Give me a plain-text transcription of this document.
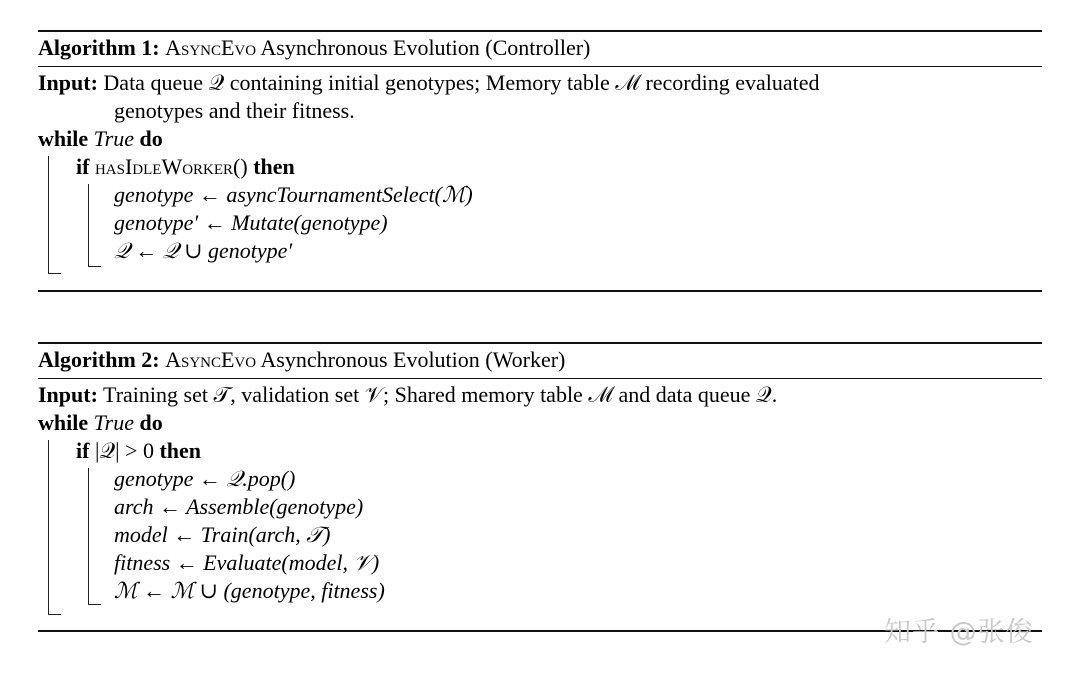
Algorithm 1: AsyncEvo Asynchronous Evolution (Controller)
Input: Data queue 𝒬 containing initial genotypes; Memory table ℳ recording evaluated
genotypes and their fitness.
while True do
if hasIdleWorker() then
genotype ← asyncTournamentSelect(ℳ)
genotype′ ← Mutate(genotype)
𝒬 ← 𝒬 ∪ genotype′
Algorithm 2: AsyncEvo Asynchronous Evolution (Worker)
Input: Training set 𝒯, validation set 𝒱; Shared memory table ℳ and data queue 𝒬.
while True do
if |𝒬| > 0 then
genotype ← 𝒬.pop()
arch ← Assemble(genotype)
model ← Train(arch, 𝒯)
fitness ← Evaluate(model, 𝒱)
ℳ ← ℳ ∪ (genotype, fitness)
知乎 @张俊
